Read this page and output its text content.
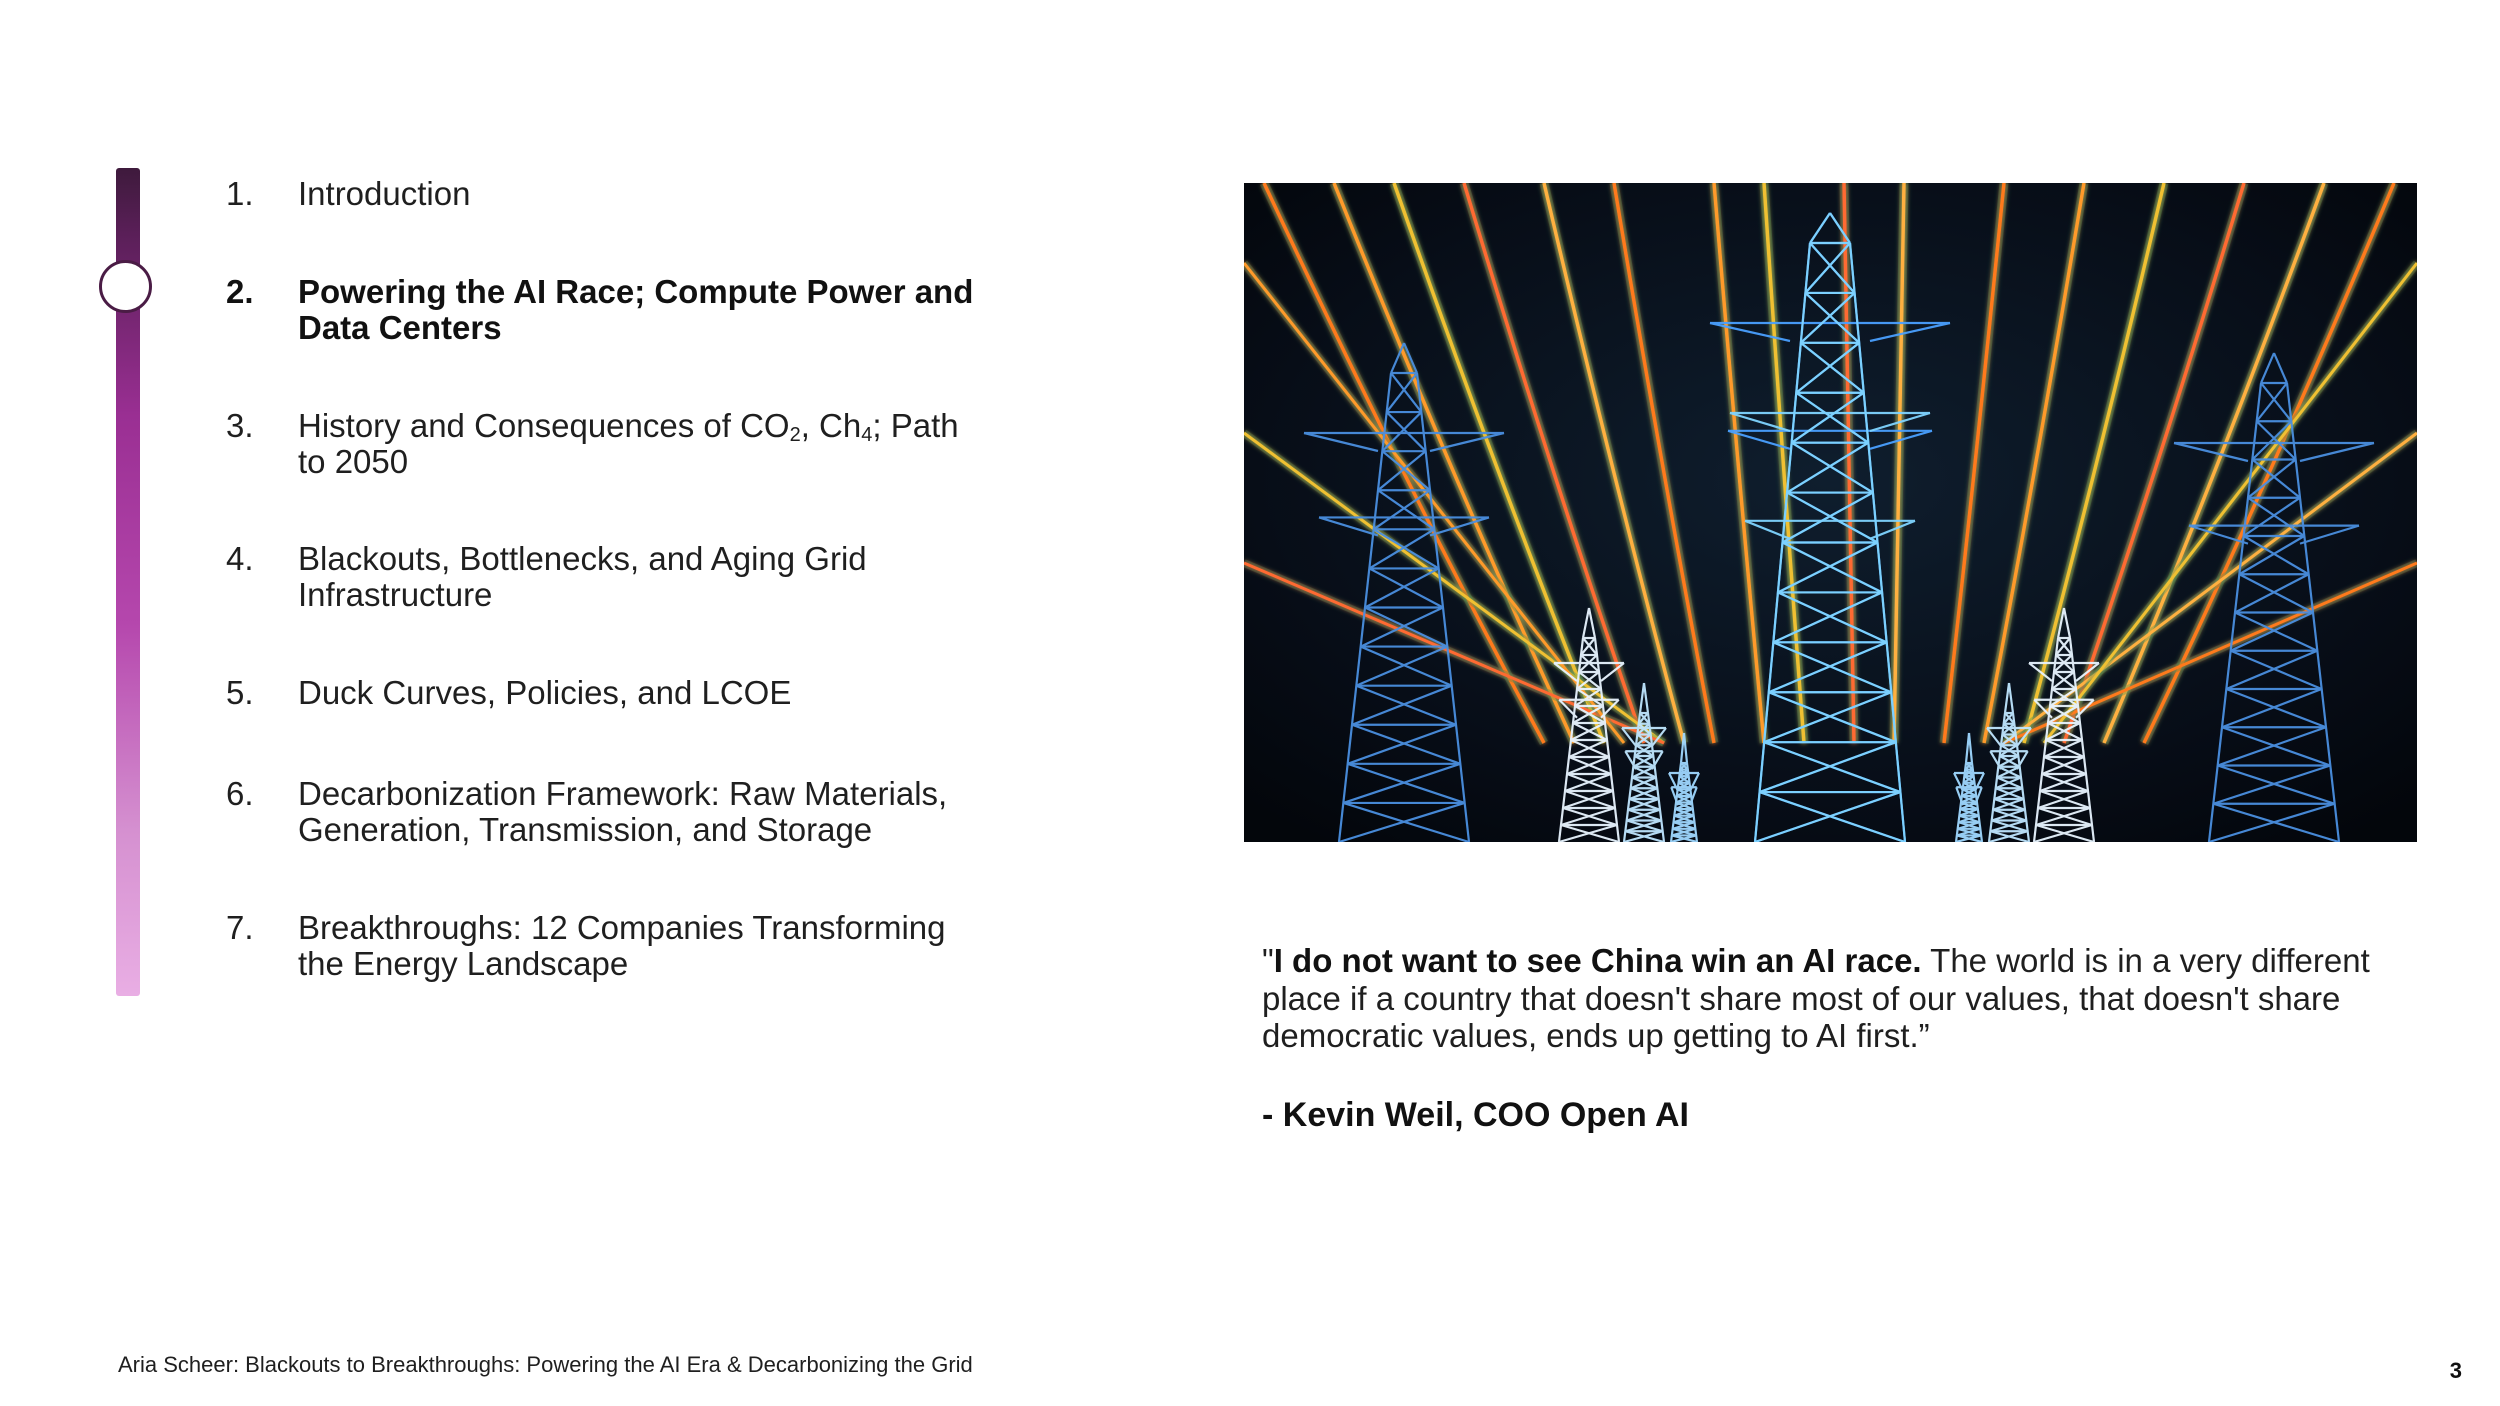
1. Introduction
2. Powering the AI Race; Compute Power and Data Centers
3. History and Consequences of $CO_2$, $Ch_4$; Path to 2050
4. Blackouts, Bottlenecks, and Aging Grid Infrastructure
5. Duck Curves, Policies, and LCOE
6. Decarbonization Framework: Raw Materials, Generation, Transmission, and Storage
7. Breakthroughs: 12 Companies Transforming the Energy Landscape	"I do not want to see China win an AI race. The world is in a very different place if a country that doesn't share most of our values, that doesn't share democratic values, ends up getting to AI first.”
- Kevin Weil, COO Open AI
Aria Scheer: Blackouts to Breakthroughs: Powering the AI Era & Decarbonizing the Grid	3
